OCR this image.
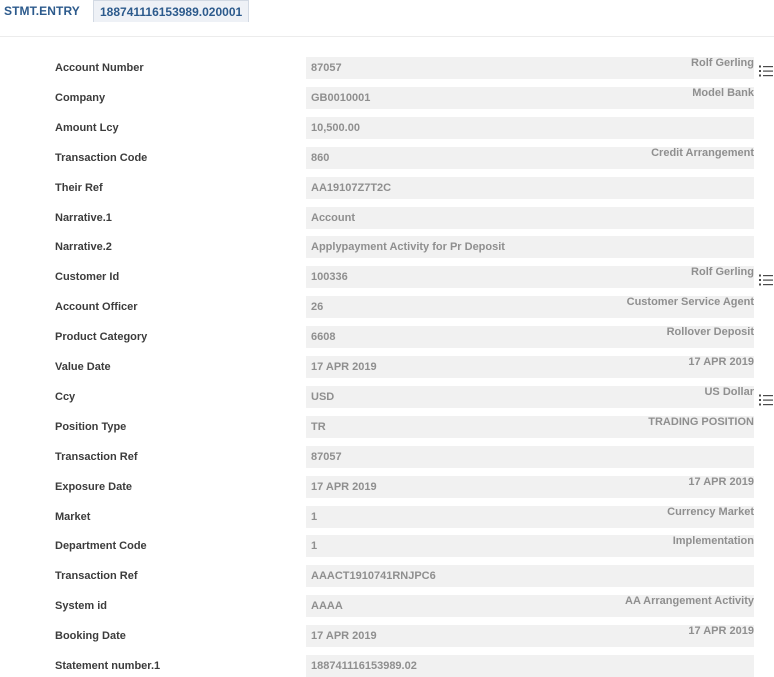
STMT.ENTRY	188741116153989.020001
Account Number	87057	Rolf Gerling
Company	GB0010001	Model Bank
Amount Lcy	10,500.00
Transaction Code	860	Credit Arrangement
Their Ref	AA19107Z7T2C
Narrative.1	Account
Narrative.2	Applypayment Activity for Pr Deposit
Customer Id	100336	Rolf Gerling
Account Officer	26	Customer Service Agent
Product Category	6608	Rollover Deposit
Value Date	17 APR 2019	17 APR 2019
Ccy	USD	US Dollar
Position Type	TR	TRADING POSITION
Transaction Ref	87057
Exposure Date	17 APR 2019	17 APR 2019
Market	1	Currency Market
Department Code	1	Implementation
Transaction Ref	AAACT1910741RNJPC6
System id	AAAA	AA Arrangement Activity
Booking Date	17 APR 2019	17 APR 2019
Statement number.1	188741116153989.02
